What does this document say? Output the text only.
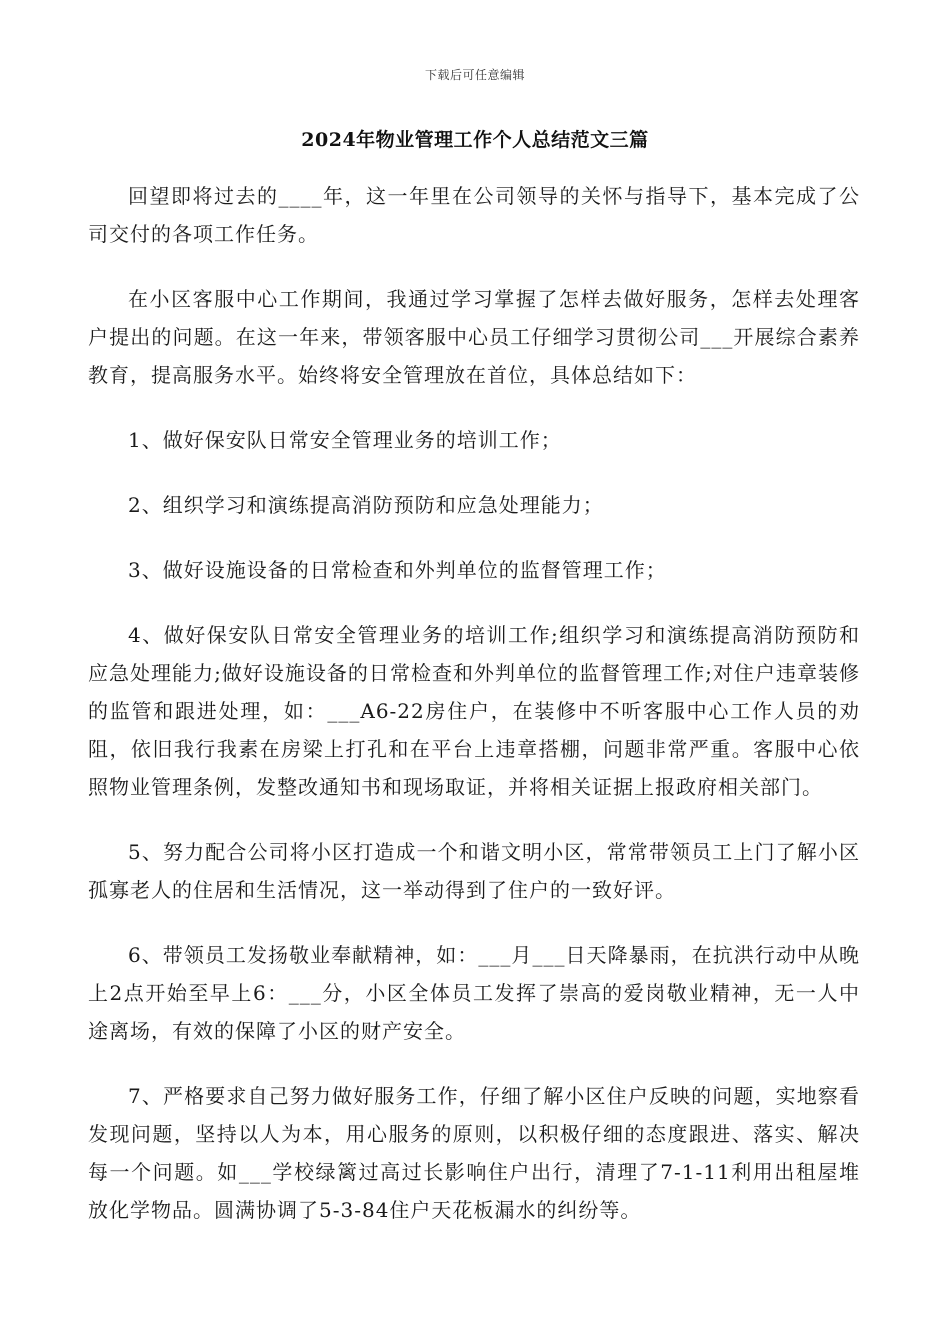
下载后可任意编辑
2024年物业管理工作个人总结范文三篇

回望即将过去的____年，这一年里在公司领导的关怀与指导下，基本完成了公司交付的各项工作任务。

在小区客服中心工作期间，我通过学习掌握了怎样去做好服务，怎样去处理客户提出的问题。在这一年来，带领客服中心员工仔细学习贯彻公司___开展综合素养教育，提高服务水平。始终将安全管理放在首位，具体总结如下：

1、做好保安队日常安全管理业务的培训工作；

2、组织学习和演练提高消防预防和应急处理能力；

3、做好设施设备的日常检查和外判单位的监督管理工作；

4、做好保安队日常安全管理业务的培训工作;组织学习和演练提高消防预防和应急处理能力;做好设施设备的日常检查和外判单位的监督管理工作;对住户违章装修的监管和跟进处理，如：___A6-22房住户，在装修中不听客服中心工作人员的劝阻，依旧我行我素在房梁上打孔和在平台上违章搭棚，问题非常严重。客服中心依照物业管理条例，发整改通知书和现场取证，并将相关证据上报政府相关部门。

5、努力配合公司将小区打造成一个和谐文明小区，常常带领员工上门了解小区孤寡老人的住居和生活情况，这一举动得到了住户的一致好评。

6、带领员工发扬敬业奉献精神，如：___月___日天降暴雨，在抗洪行动中从晚上2点开始至早上6：___分，小区全体员工发挥了崇高的爱岗敬业精神，无一人中途离场，有效的保障了小区的财产安全。

7、严格要求自己努力做好服务工作，仔细了解小区住户反映的问题，实地察看发现问题，坚持以人为本，用心服务的原则，以积极仔细的态度跟进、落实、解决每一个问题。如___学校绿篱过高过长影响住户出行，清理了7-1-11利用出租屋堆放化学物品。圆满协调了5-3-84住户天花板漏水的纠纷等。
